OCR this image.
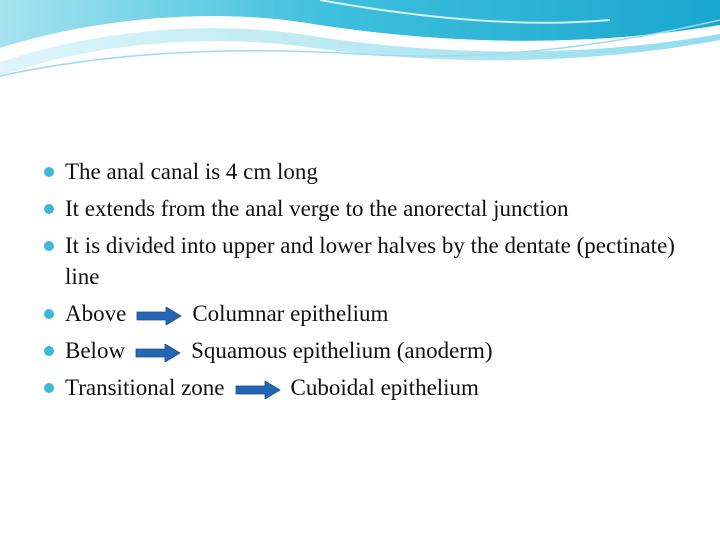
The anal canal is 4 cm long
It extends from the anal verge to the anorectal junction
It is divided into upper and lower halves by the dentate (pectinate) line
Above	Columnar epithelium
Below	Squamous epithelium (anoderm)
Transitional zone	Cuboidal epithelium
